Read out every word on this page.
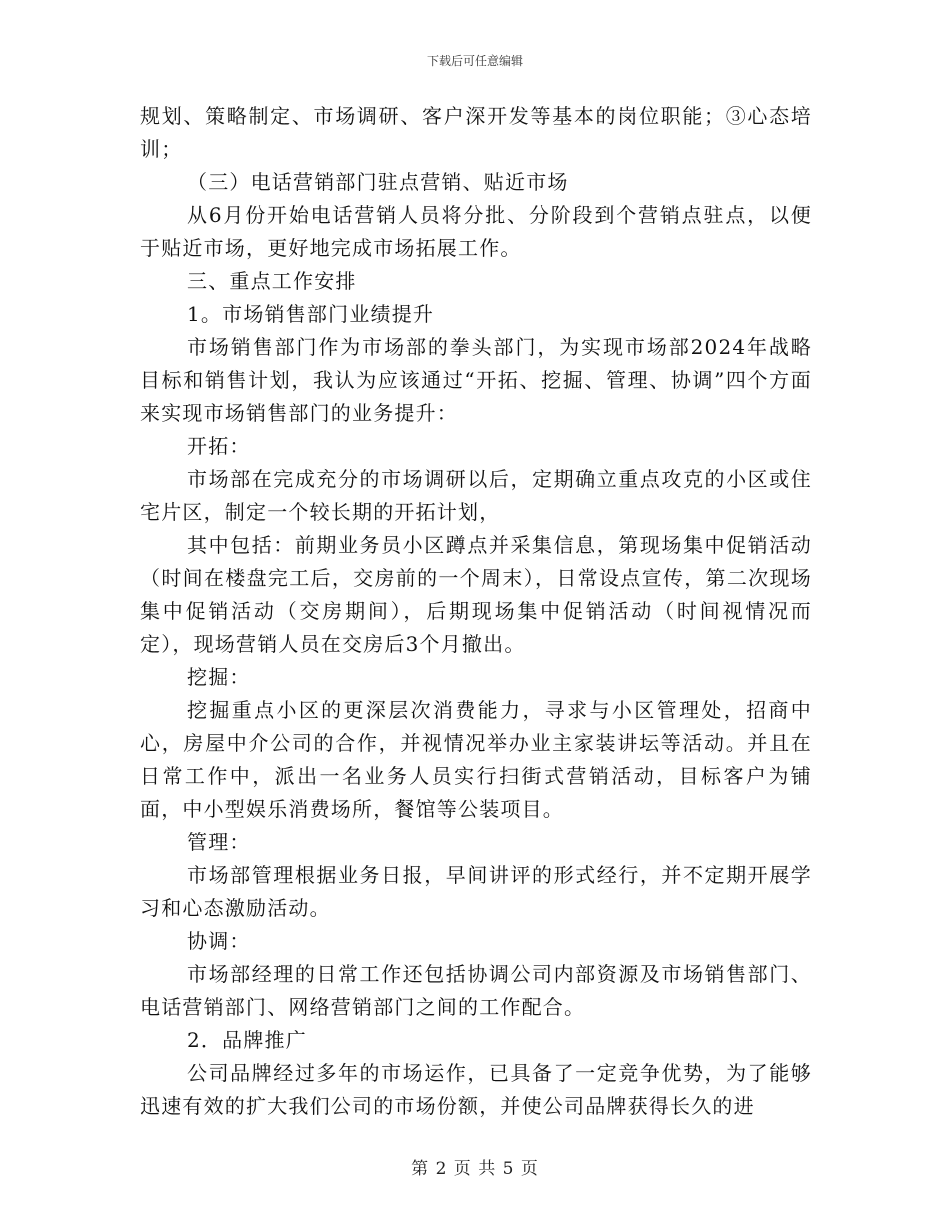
下载后可任意编辑

规划、策略制定、市场调研、客户深开发等基本的岗位职能；③心态培训；

（三）电话营销部门驻点营销、贴近市场

从6月份开始电话营销人员将分批、分阶段到个营销点驻点，以便于贴近市场，更好地完成市场拓展工作。

三、重点工作安排

1。市场销售部门业绩提升

市场销售部门作为市场部的拳头部门，为实现市场部2024年战略目标和销售计划，我认为应该通过“开拓、挖掘、管理、协调”四个方面来实现市场销售部门的业务提升：

开拓：

市场部在完成充分的市场调研以后，定期确立重点攻克的小区或住宅片区，制定一个较长期的开拓计划，

其中包括：前期业务员小区蹲点并采集信息，第现场集中促销活动（时间在楼盘完工后，交房前的一个周末），日常设点宣传，第二次现场集中促销活动（交房期间），后期现场集中促销活动（时间视情况而定），现场营销人员在交房后3个月撤出。

挖掘：

挖掘重点小区的更深层次消费能力，寻求与小区管理处，招商中心，房屋中介公司的合作，并视情况举办业主家装讲坛等活动。并且在日常工作中，派出一名业务人员实行扫街式营销活动，目标客户为铺面，中小型娱乐消费场所，餐馆等公装项目。

管理：

市场部管理根据业务日报，早间讲评的形式经行，并不定期开展学习和心态激励活动。

协调：

市场部经理的日常工作还包括协调公司内部资源及市场销售部门、电话营销部门、网络营销部门之间的工作配合。

2．品牌推广

公司品牌经过多年的市场运作，已具备了一定竞争优势，为了能够迅速有效的扩大我们公司的市场份额，并使公司品牌获得长久的进

第 2 页 共 5 页
